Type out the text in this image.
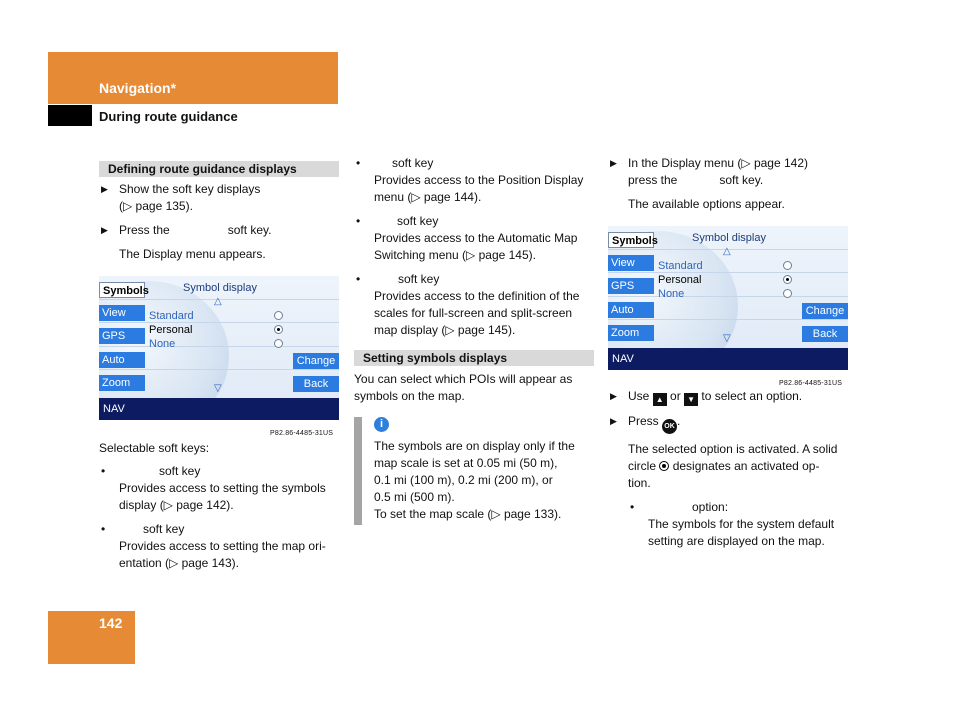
Navigation*
During route guidance
Defining route guidance displays
▶ Show the soft key displays

(▷ page 135).

▶ Press the	soft key.

The Display menu appears.

Symbols
View
GPS
Auto
Zoom
Symbol display
△
Standard
Personal
None
Change
Back
▽
NAV
P82.86-4485-31US

Selectable soft keys:

•	soft key

Provides access to setting the symbols

display (▷ page 142).

•	soft key

Provides access to setting the map ori-

entation (▷ page 143).

•	soft key

Provides access to the Position Display

menu (▷ page 144).

•	soft key

Provides access to the Automatic Map

Switching menu (▷ page 145).

•	soft key

Provides access to the definition of the

scales for full-screen and split-screen

map display (▷ page 145).

Setting symbols displays

You can select which POIs will appear as

symbols on the map.

i

The symbols are on display only if the

map scale is set at 0.05 mi (50 m),

0.1 mi (100 m), 0.2 mi (200 m), or

0.5 mi (500 m).

To set the map scale (▷ page 133).

▶ In the Display menu (▷ page 142)

press the	soft key.

The available options appear.

Symbols
View
GPS
Auto
Zoom
Symbol display
△
Standard
Personal
None
Change
Back
▽
NAV
P82.86-4485-31US
▶ Use ▲ or ▼ to select an option.

▶ Press OK .

The selected option is activated. A solid

circle designates an activated op-

tion.

•	option:

The symbols for the system default

setting are displayed on the map.

142
